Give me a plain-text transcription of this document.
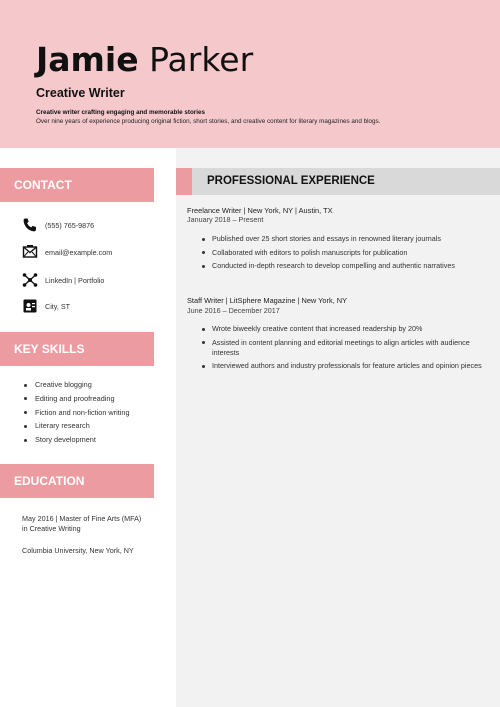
Jamie Parker
Creative Writer
Creative writer crafting engaging and memorable stories
Over nine years of experience producing original fiction, short stories, and creative content for literary magazines and blogs.
CONTACT
(555) 765-9876
email@example.com
LinkedIn | Portfolio
City, ST
KEY SKILLS
Creative blogging
Editing and proofreading
Fiction and non-fiction writing
Literary research
Story development
EDUCATION
May 2016 | Master of Fine Arts (MFA) in Creative Writing
Columbia University, New York, NY
PROFESSIONAL EXPERIENCE
Freelance Writer | New York, NY | Austin, TX
January 2018 – Present
Published over 25 short stories and essays in renowned literary journals
Collaborated with editors to polish manuscripts for publication
Conducted in-depth research to develop compelling and authentic narratives
Staff Writer | LitSphere Magazine | New York, NY
June 2016 – December 2017
Wrote biweekly creative content that increased readership by 20%
Assisted in content planning and editorial meetings to align articles with audience interests
Interviewed authors and industry professionals for feature articles and opinion pieces
